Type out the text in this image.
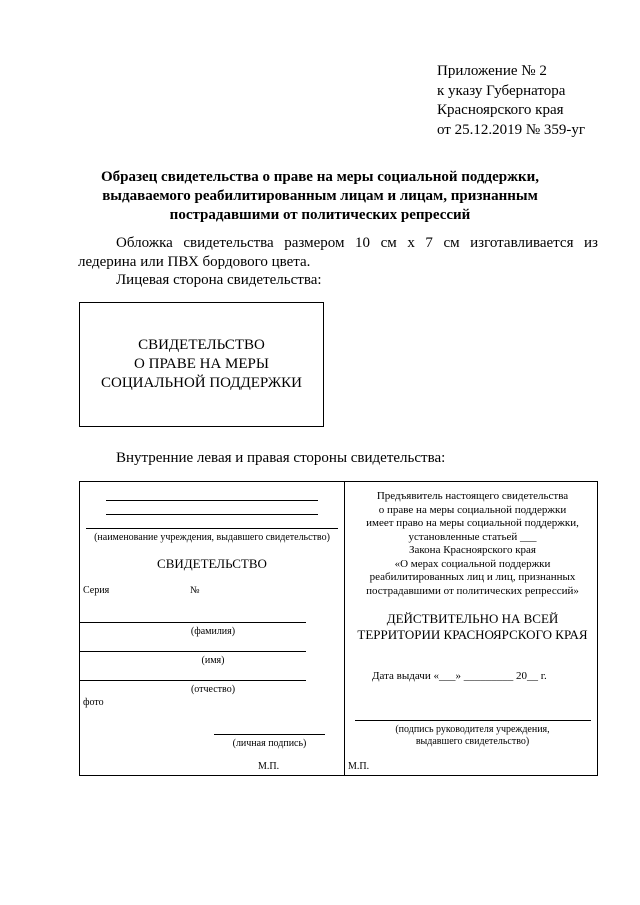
Приложение № 2
к указу Губернатора
Красноярского края
от 25.12.2019 № 359-уг
Образец свидетельства о праве на меры социальной поддержки,
выдаваемого реабилитированным лицам и лицам, признанным
пострадавшими от политических репрессий
Обложка свидетельства размером 10 см х 7 см изготавливается из ледерина или ПВХ бордового цвета.
Лицевая сторона свидетельства:
СВИДЕТЕЛЬСТВО
О ПРАВЕ НА МЕРЫ
СОЦИАЛЬНОЙ ПОДДЕРЖКИ
Внутренние левая и правая стороны свидетельства:
(наименование учреждения, выдавшего свидетельство)
СВИДЕТЕЛЬСТВО
Серия	№
(фамилия)
(имя)
(отчество)
фото
(личная подпись)
М.П.
Предъявитель настоящего свидетельства
о праве на меры социальной поддержки
имеет право на меры социальной поддержки,
установленные статьей ___
Закона Красноярского края
«О мерах социальной поддержки
реабилитированных лиц и лиц, признанных
пострадавшими от политических репрессий»
ДЕЙСТВИТЕЛЬНО НА ВСЕЙ
ТЕРРИТОРИИ КРАСНОЯРСКОГО КРАЯ
Дата выдачи «___» _________ 20__ г.
(подпись руководителя учреждения,
выдавшего свидетельство)
М.П.
